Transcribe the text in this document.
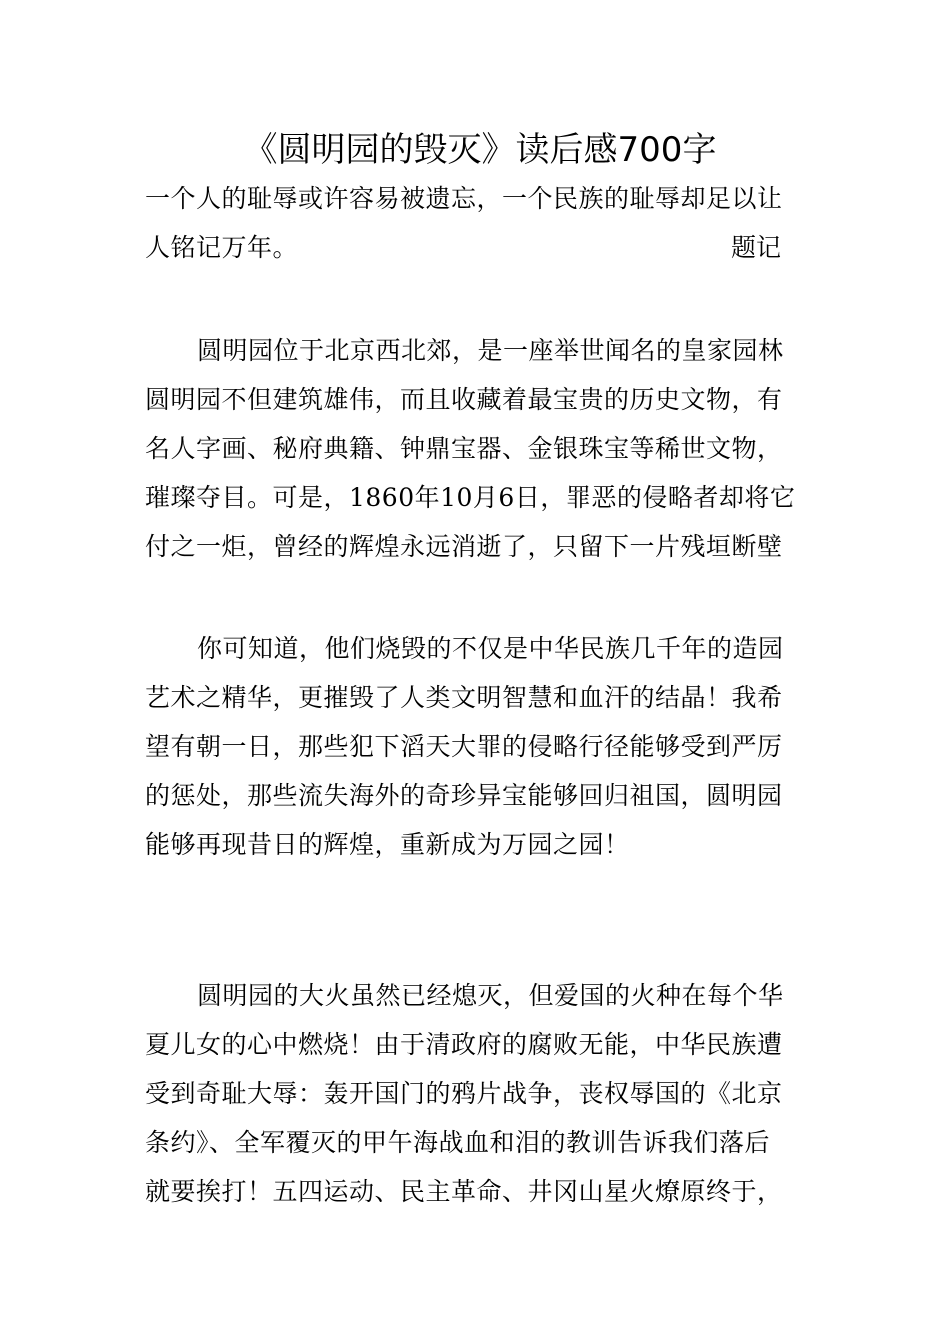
《圆明园的毁灭》读后感700字
一个人的耻辱或许容易被遗忘，一个民族的耻辱却足以让
人铭记万年。	题记
圆明园位于北京西北郊，是一座举世闻名的皇家园林
圆明园不但建筑雄伟，而且收藏着最宝贵的历史文物，有
名人字画、秘府典籍、钟鼎宝器、金银珠宝等稀世文物，
璀璨夺目。可是，1860年10月6日，罪恶的侵略者却将它
付之一炬，曾经的辉煌永远消逝了，只留下一片残垣断壁
你可知道，他们烧毁的不仅是中华民族几千年的造园
艺术之精华，更摧毁了人类文明智慧和血汗的结晶！我希
望有朝一日，那些犯下滔天大罪的侵略行径能够受到严厉
的惩处，那些流失海外的奇珍异宝能够回归祖国，圆明园
能够再现昔日的辉煌，重新成为万园之园！
圆明园的大火虽然已经熄灭，但爱国的火种在每个华
夏儿女的心中燃烧！由于清政府的腐败无能，中华民族遭
受到奇耻大辱：轰开国门的鸦片战争，丧权辱国的《北京
条约》、全军覆灭的甲午海战血和泪的教训告诉我们落后
就要挨打！五四运动、民主革命、井冈山星火燎原终于，
